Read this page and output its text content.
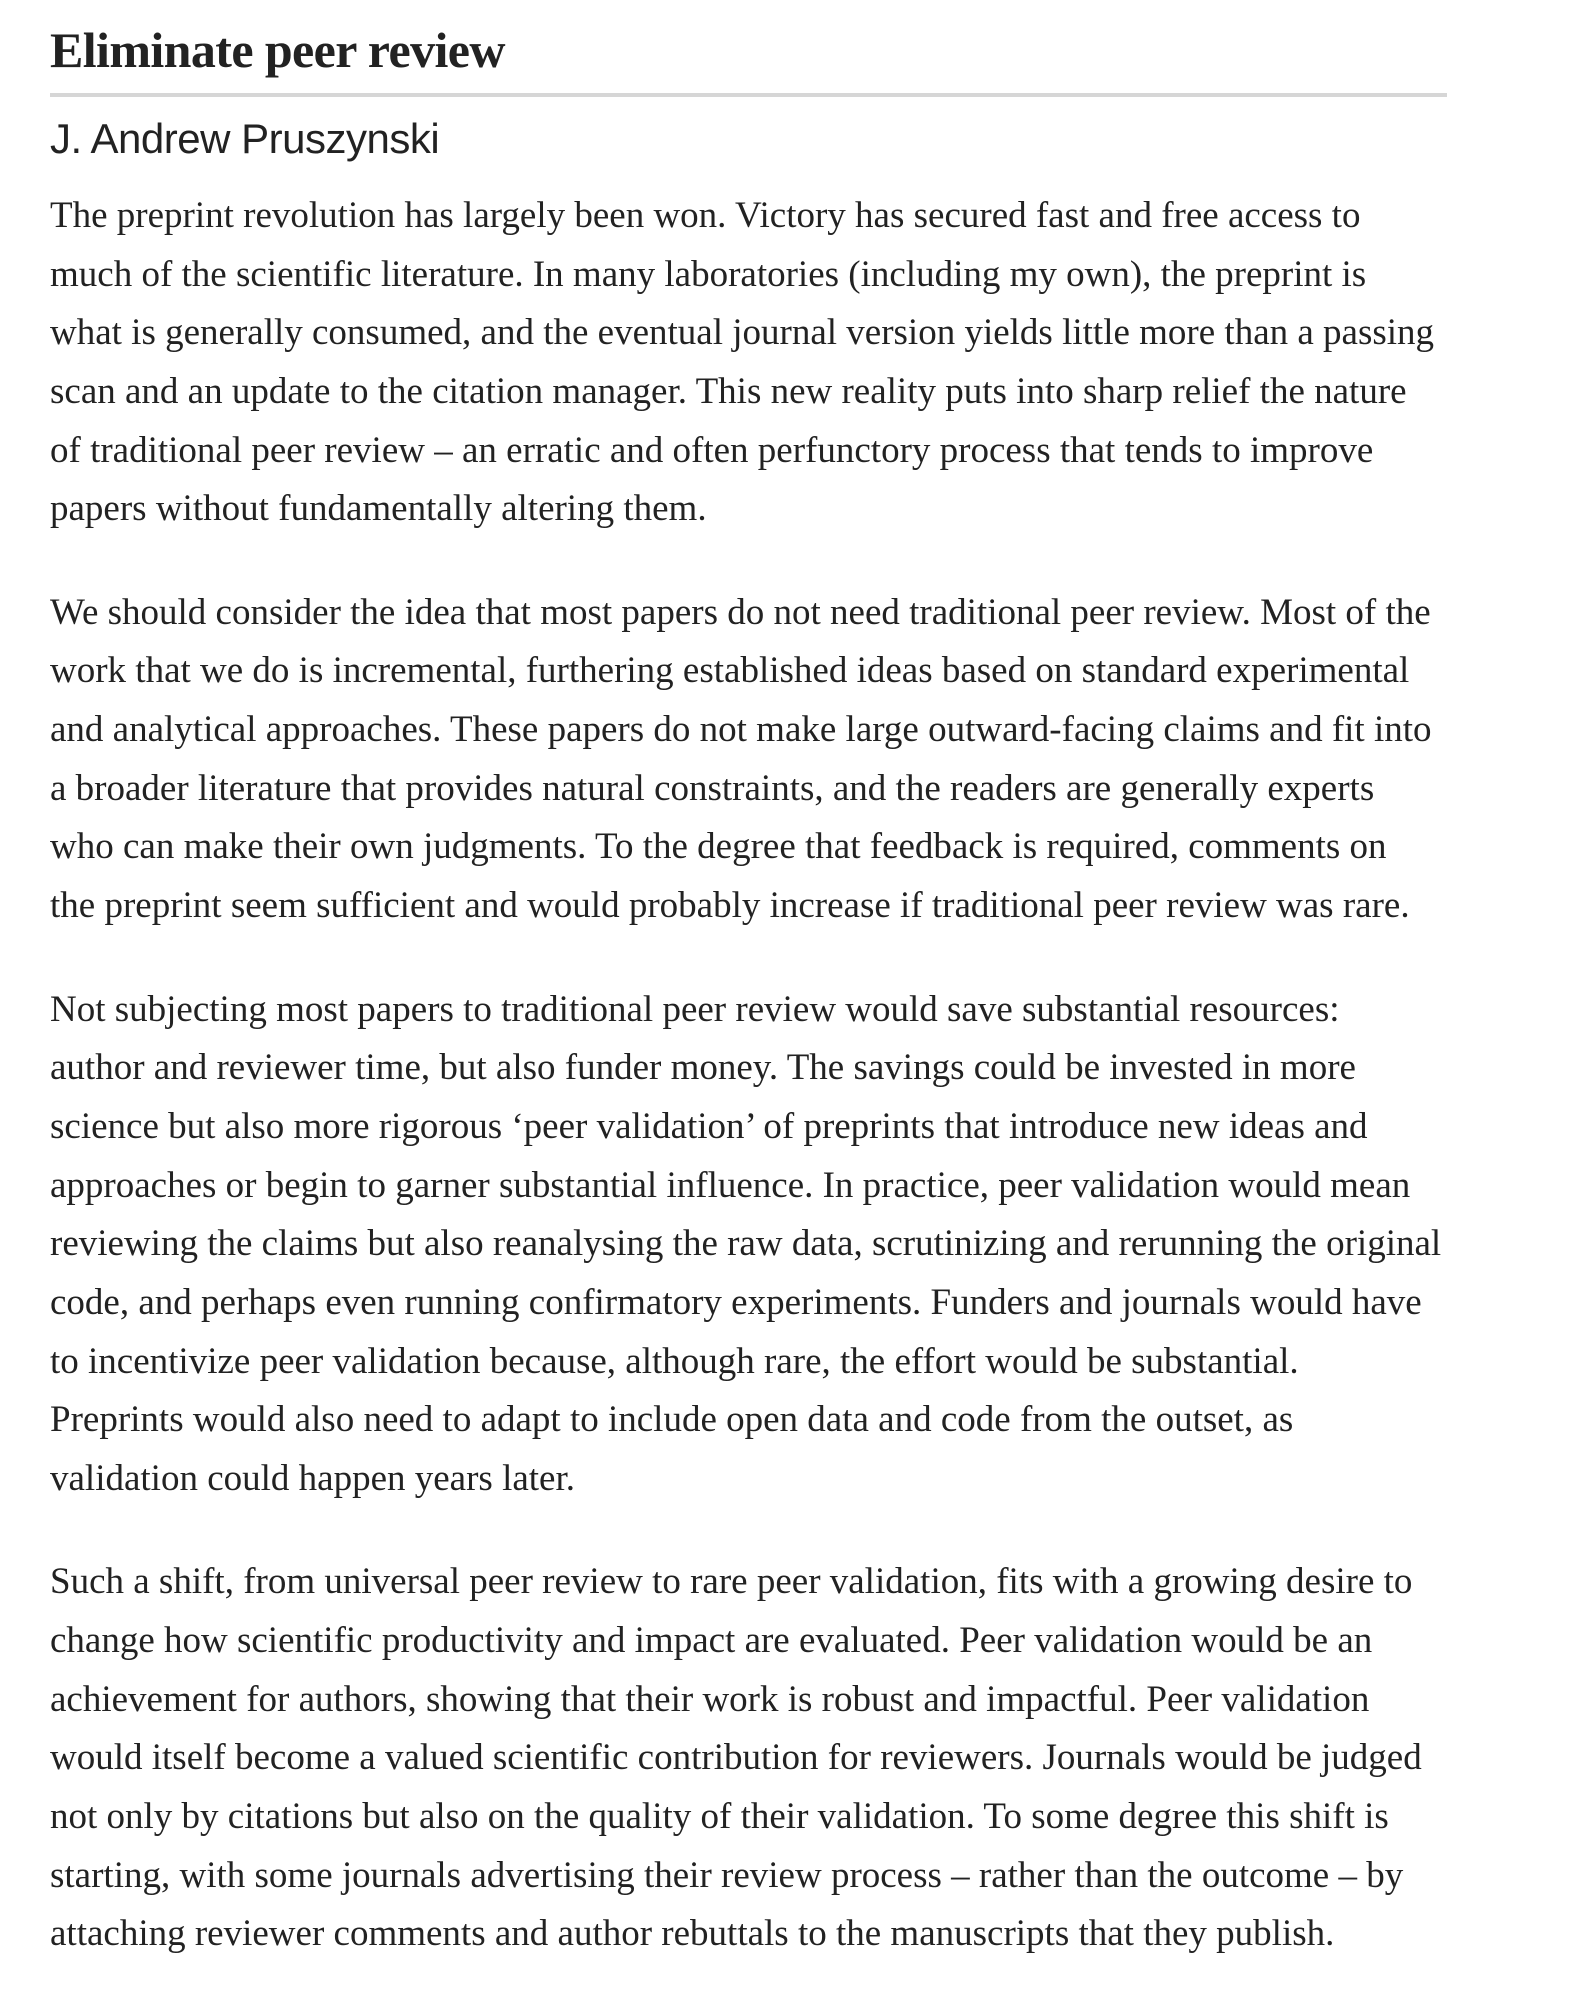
Eliminate peer review
J. Andrew Pruszynski

The preprint revolution has largely been won. Victory has secured fast and free access to
much of the scientific literature. In many laboratories (including my own), the preprint is
what is generally consumed, and the eventual journal version yields little more than a passing
scan and an update to the citation manager. This new reality puts into sharp relief the nature
of traditional peer review – an erratic and often perfunctory process that tends to improve
papers without fundamentally altering them.

We should consider the idea that most papers do not need traditional peer review. Most of the
work that we do is incremental, furthering established ideas based on standard experimental
and analytical approaches. These papers do not make large outward-facing claims and fit into
a broader literature that provides natural constraints, and the readers are generally experts
who can make their own judgments. To the degree that feedback is required, comments on
the preprint seem sufficient and would probably increase if traditional peer review was rare.

Not subjecting most papers to traditional peer review would save substantial resources:
author and reviewer time, but also funder money. The savings could be invested in more
science but also more rigorous ‘peer validation’ of preprints that introduce new ideas and
approaches or begin to garner substantial influence. In practice, peer validation would mean
reviewing the claims but also reanalysing the raw data, scrutinizing and rerunning the original
code, and perhaps even running confirmatory experiments. Funders and journals would have
to incentivize peer validation because, although rare, the effort would be substantial.
Preprints would also need to adapt to include open data and code from the outset, as
validation could happen years later.

Such a shift, from universal peer review to rare peer validation, fits with a growing desire to
change how scientific productivity and impact are evaluated. Peer validation would be an
achievement for authors, showing that their work is robust and impactful. Peer validation
would itself become a valued scientific contribution for reviewers. Journals would be judged
not only by citations but also on the quality of their validation. To some degree this shift is
starting, with some journals advertising their review process – rather than the outcome – by
attaching reviewer comments and author rebuttals to the manuscripts that they publish.
